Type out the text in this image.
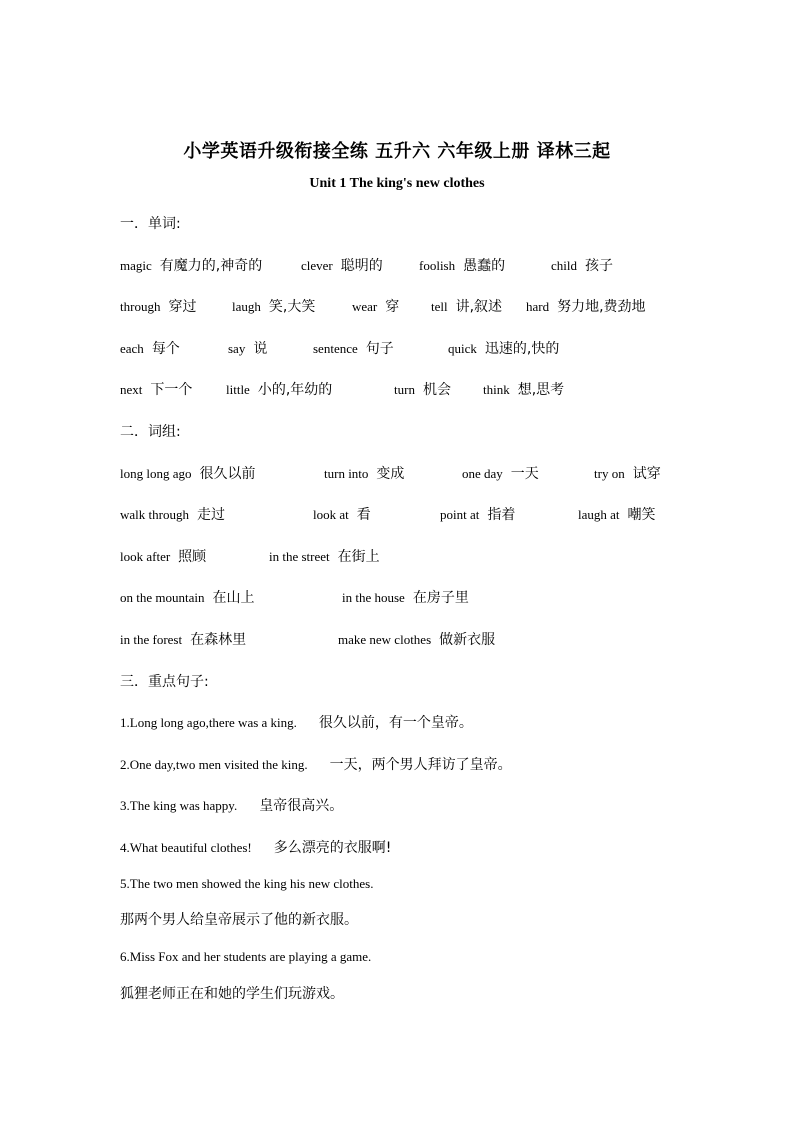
小学英语升级衔接全练 五升六 六年级上册 译林三起
Unit 1 The king's new clothes
一．单词:
magic 有魔力的,神奇的	clever 聪明的	foolish 愚蠢的	child 孩子
through 穿过	laugh 笑,大笑	wear 穿 tell 讲,叙述 hard 努力地,费劲地
each 每个	say 说	sentence 句子	quick 迅速的,快的
next 下一个	little 小的,年幼的	turn 机会 think 想,思考
二．词组:
long long ago 很久以前	turn into 变成	one day 一天	try on 试穿
walk through 走过	look at 看	point at 指着	laugh at 嘲笑
look after 照顾	in the street 在街上
on the mountain 在山上	in the house 在房子里
in the forest 在森林里	make new clothes 做新衣服
三．重点句子:
1.Long long ago,there was a king. 很久以前，有一个皇帝。
2.One day,two men visited the king. 一天，两个男人拜访了皇帝。
3.The king was happy. 皇帝很高兴。
4.What beautiful clothes! 多么漂亮的衣服啊!
5.The two men showed the king his new clothes.
那两个男人给皇帝展示了他的新衣服。
6.Miss Fox and her students are playing a game.
狐狸老师正在和她的学生们玩游戏。
